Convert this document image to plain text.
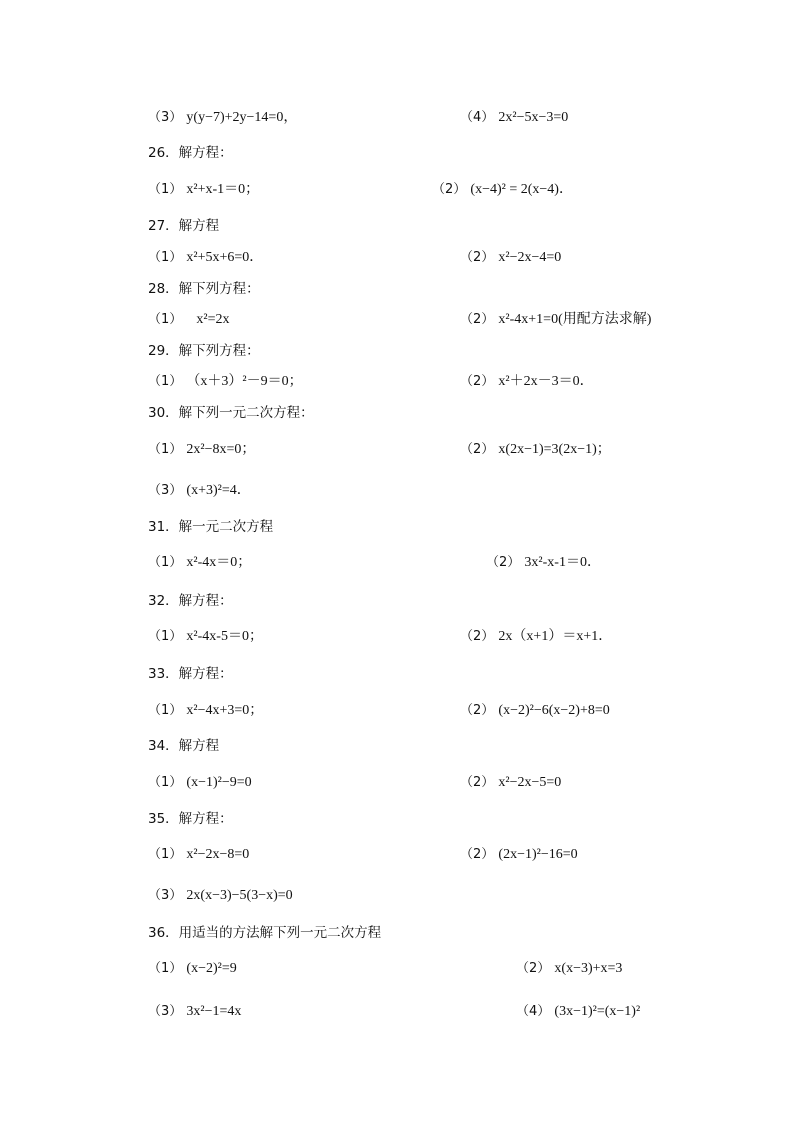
（3） y(y−7)+2y−14=0，	（4） 2x²−5x−3=0
26．解方程：
（1） x²+x-1＝0；	（2） (x−4)² = 2(x−4)．
27．解方程
（1） x²+5x+6=0．	（2） x²−2x−4=0
28．解下列方程：
（1） x²=2x	（2） x²-4x+1=0(用配方法求解)
29．解下列方程：
（1） （x＋3）²－9＝0；	（2） x²＋2x－3＝0．
30．解下列一元二次方程：
（1） 2x²−8x=0；	（2） x(2x−1)=3(2x−1)；
（3） (x+3)²=4．
31．解一元二次方程
（1） x²-4x＝0；	（2） 3x²-x-1＝0．
32．解方程：
（1） x²-4x-5＝0；	（2） 2x（x+1）＝x+1．
33．解方程：
（1） x²−4x+3=0；	（2） (x−2)²−6(x−2)+8=0
34．解方程
（1） (x−1)²−9=0	（2） x²−2x−5=0
35．解方程：
（1） x²−2x−8=0	（2） (2x−1)²−16=0
（3） 2x(x−3)−5(3−x)=0
36．用适当的方法解下列一元二次方程
（1） (x−2)²=9	（2） x(x−3)+x=3
（3） 3x²−1=4x	（4） (3x−1)²=(x−1)²
